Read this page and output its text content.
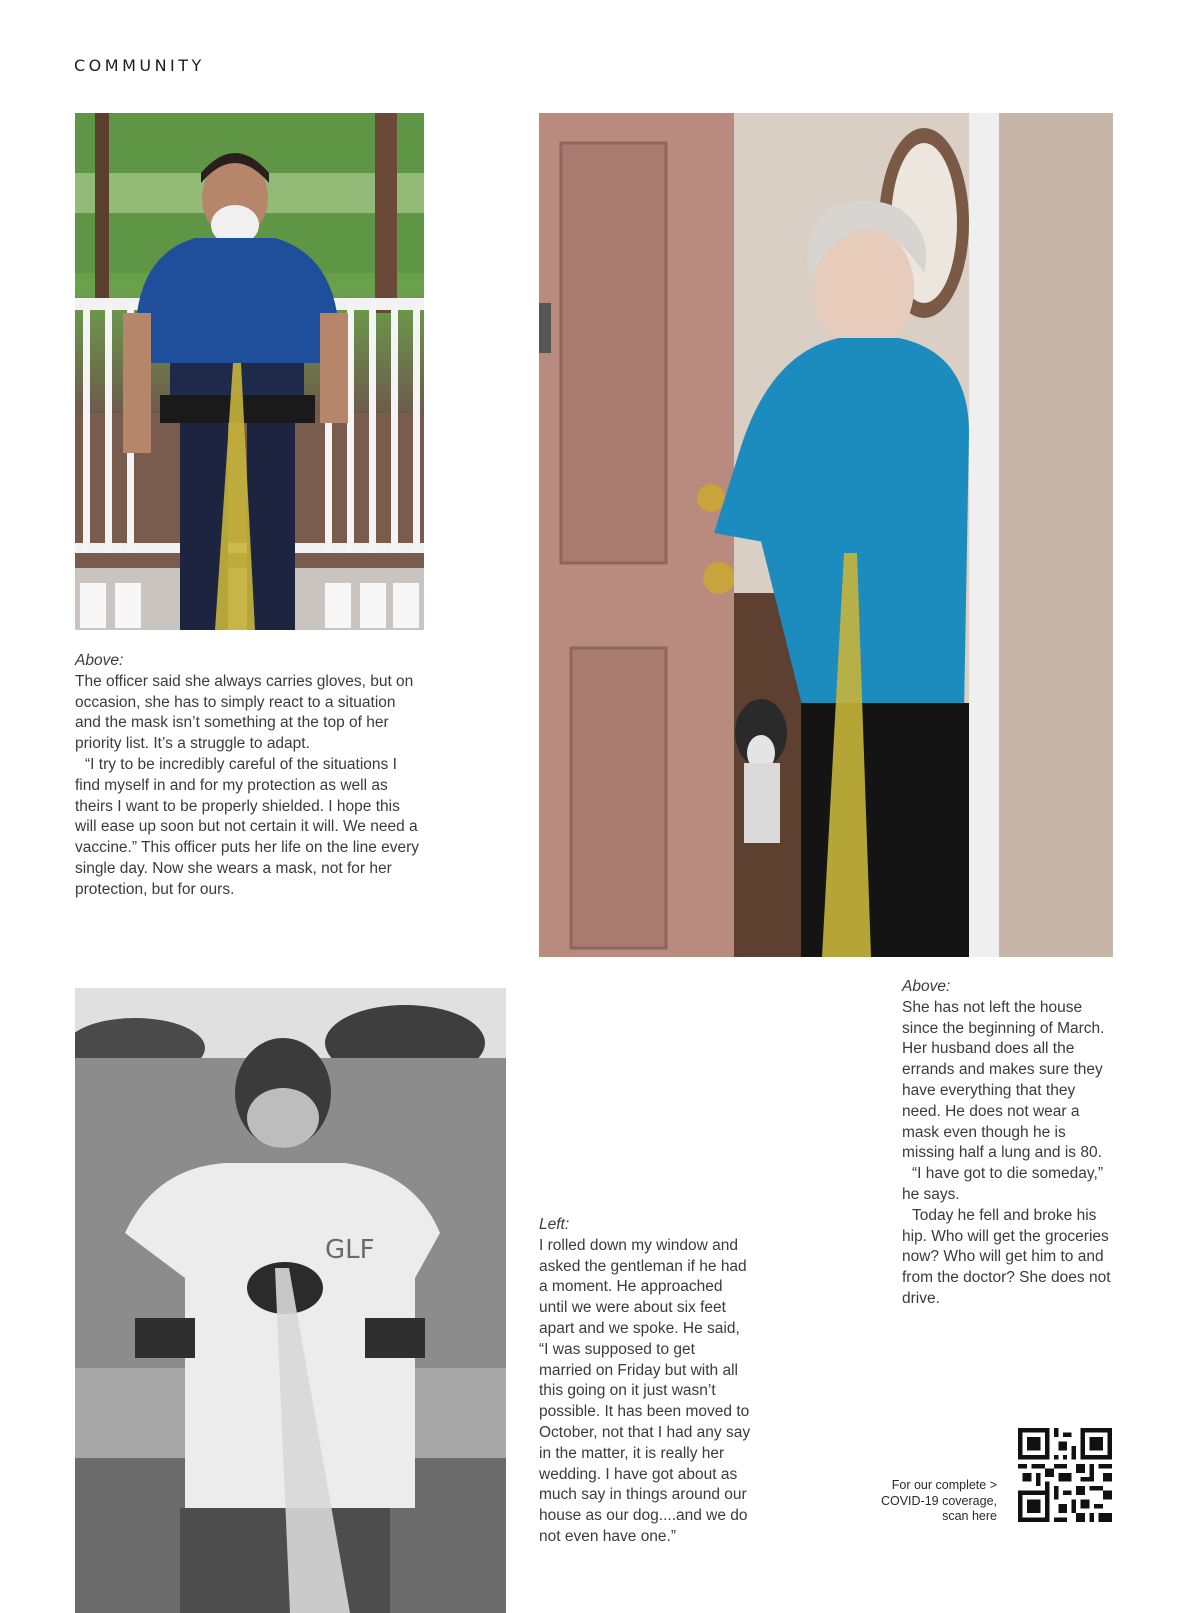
COMMUNITY
GLF
Above:

The officer said she always carries gloves, but on occasion, she has to simply react to a situation and the mask isn’t something at the top of her priority list. It’s a struggle to adapt.

“I try to be incredibly careful of the situations I find myself in and for my protection as well as theirs I want to be properly shielded. I hope this will ease up soon but not certain it will. We need a vaccine.” This officer puts her life on the line every single day. Now she wears a mask, not for her protection, but for ours.

Above:

She has not left the house since the beginning of March. Her husband does all the errands and makes sure they have everything that they need. He does not wear a mask even though he is missing half a lung and is 80.

“I have got to die someday,” he says.

Today he fell and broke his hip. Who will get the groceries now? Who will get him to and from the doctor? She does not drive.

Left:

I rolled down my window and asked the gentleman if he had a moment. He approached until we were about six feet apart and we spoke. He said, “I was supposed to get married on Friday but with all this going on it just wasn’t possible. It has been moved to October, not that I had any say in the matter, it is really her wedding. I have got about as much say in things around our house as our dog....and we do not even have one.”

For our complete >
COVID-19 coverage,
scan here
